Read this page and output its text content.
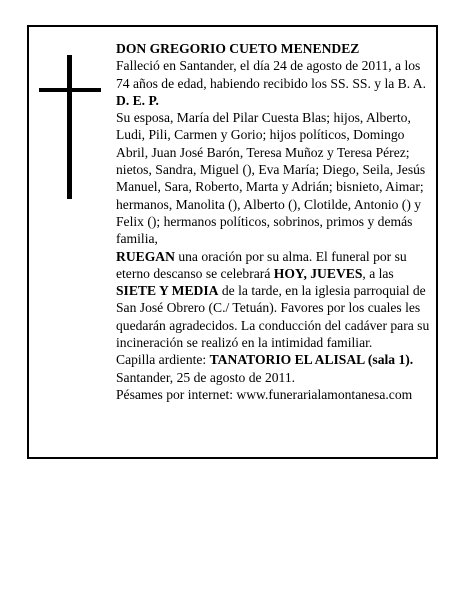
DON GREGORIO CUETO MENENDEZ

Falleció en Santander, el día 24 de agosto de 2011, a los 74 años de edad, habiendo recibido los SS. SS. y la B. A.

D. E. P.

Su esposa, María del Pilar Cuesta Blas; hijos, Alberto, Ludi, Pili, Carmen y Gorio; hijos políticos, Domingo Abril, Juan José Barón, Teresa Muñoz y Teresa Pérez; nietos, Sandra, Miguel (), Eva María; Diego, Seila, Jesús Manuel, Sara, Roberto, Marta y Adrián; bisnieto, Aimar; hermanos, Manolita (), Alberto (), Clotilde, Antonio () y Felix (); hermanos políticos, sobrinos, primos y demás familia,

RUEGAN una oración por su alma. El funeral por su eterno descanso se celebrará HOY, JUEVES, a las SIETE Y MEDIA de la tarde, en la iglesia parroquial de San José Obrero (C./ Tetuán). Favores por los cuales les quedarán agradecidos. La conducción del cadáver para su incineración se realizó en la intimidad familiar.

Capilla ardiente: TANATORIO EL ALISAL (sala 1).

Santander, 25 de agosto de 2011.

Pésames por internet: www.funerarialamontanesa.com
